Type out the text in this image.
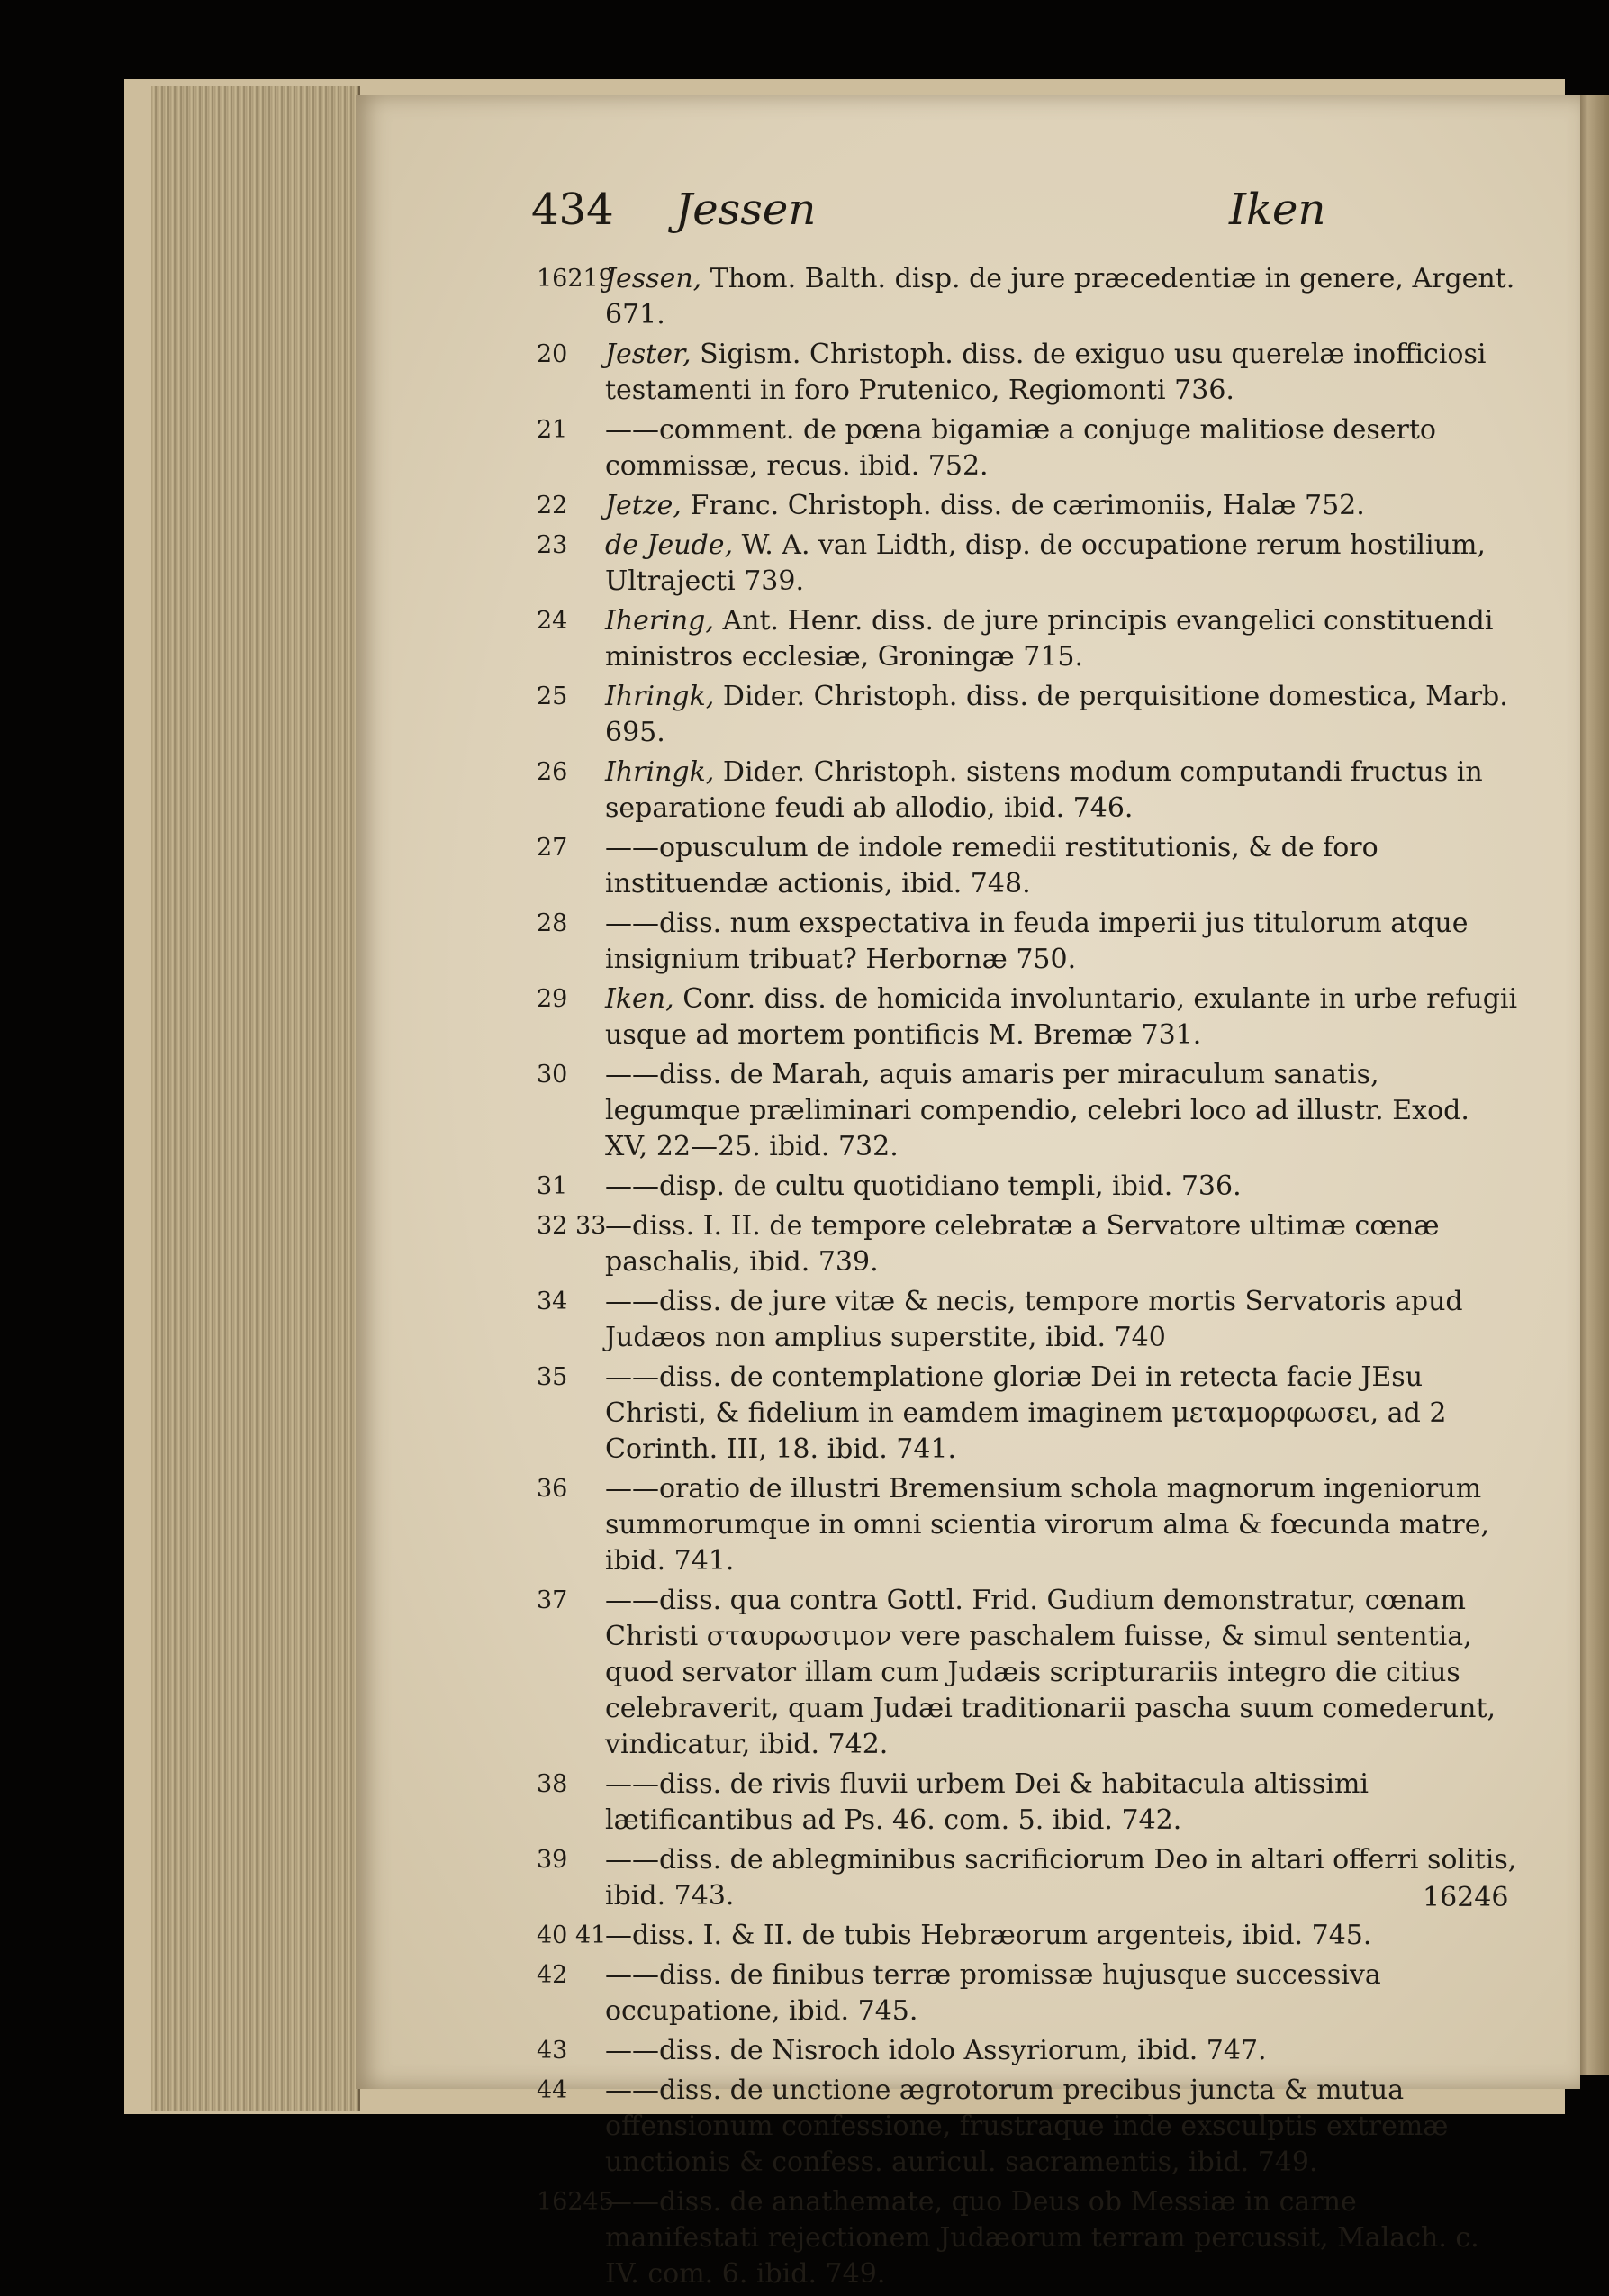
434 Jessen	Iken
16219
Jessen, Thom. Balth. disp. de jure præcedentiæ in genere, Argent. 671.
20 Jester, Sigism. Christoph. diss. de exiguo usu querelæ inofficiosi testamenti in foro Prutenico, Regiomonti 736.
21 ——comment. de pœna bigamiæ a conjuge malitiose deserto commissæ, recus. ibid. 752.
22 Jetze, Franc. Christoph. diss. de cærimoniis, Halæ 752.
23 de Jeude, W. A. van Lidth, disp. de occupatione rerum hostilium, Ultrajecti 739.
24 Ihering, Ant. Henr. diss. de jure principis evangelici constituendi ministros ecclesiæ, Groningæ 715.
25 Ihringk, Dider. Christoph. diss. de perquisitione domestica, Marb. 695.
26 Ihringk, Dider. Christoph. sistens modum computandi fructus in separatione feudi ab allodio, ibid. 746.
27 ——opusculum de indole remedii restitutionis, & de foro instituendæ actionis, ibid. 748.
28 ——diss. num exspectativa in feuda imperii jus titulorum atque insignium tribuat? Herbornæ 750.
29 Iken, Conr. diss. de homicida involuntario, exulante in urbe refugii usque ad mortem pontificis M. Bremæ 731.
30 ——diss. de Marah, aquis amaris per miraculum sanatis, legumque præliminari compendio, celebri loco ad illustr. Exod. XV, 22—25. ibid. 732.
31 ——disp. de cultu quotidiano templi, ibid. 736.
32 33
—diss. I. II. de tempore celebratæ a Servatore ultimæ cœnæ paschalis, ibid. 739.
34 ——diss. de jure vitæ & necis, tempore mortis Servatoris apud Judæos non amplius superstite, ibid. 740
35 ——diss. de contemplatione gloriæ Dei in retecta facie JEsu Christi, & fidelium in eamdem imaginem μεταμορφωσει, ad 2 Corinth. III, 18. ibid. 741.
36 ——oratio de illustri Bremensium schola magnorum ingeniorum summorumque in omni scientia virorum alma & fœcunda matre, ibid. 741.
37 ——diss. qua contra Gottl. Frid. Gudium demonstratur, cœnam Christi σταυρωσιμον vere paschalem fuisse, & simul sententia, quod servator illam cum Judæis scripturariis integro die citius celebraverit, quam Judæi traditionarii pascha suum comederunt, vindicatur, ibid. 742.
38 ——diss. de rivis fluvii urbem Dei & habitacula altissimi lætificantibus ad Ps. 46. com. 5. ibid. 742.
39 ——diss. de ablegminibus sacrificiorum Deo in altari offerri solitis, ibid. 743.
40 41
—diss. I. & II. de tubis Hebræorum argenteis, ibid. 745.
42 ——diss. de finibus terræ promissæ hujusque successiva occupatione, ibid. 745.
43 ——diss. de Nisroch idolo Assyriorum, ibid. 747.
44 ——diss. de unctione ægrotorum precibus juncta & mutua offensionum confessione, frustraque inde exsculptis extremæ unctionis & confess. auricul. sacramentis, ibid. 749.
16245
——diss. de anathemate, quo Deus ob Messiæ in carne manifestati rejectionem Judæorum terram percussit, Malach. c. IV. com. 6. ibid. 749.
16246
